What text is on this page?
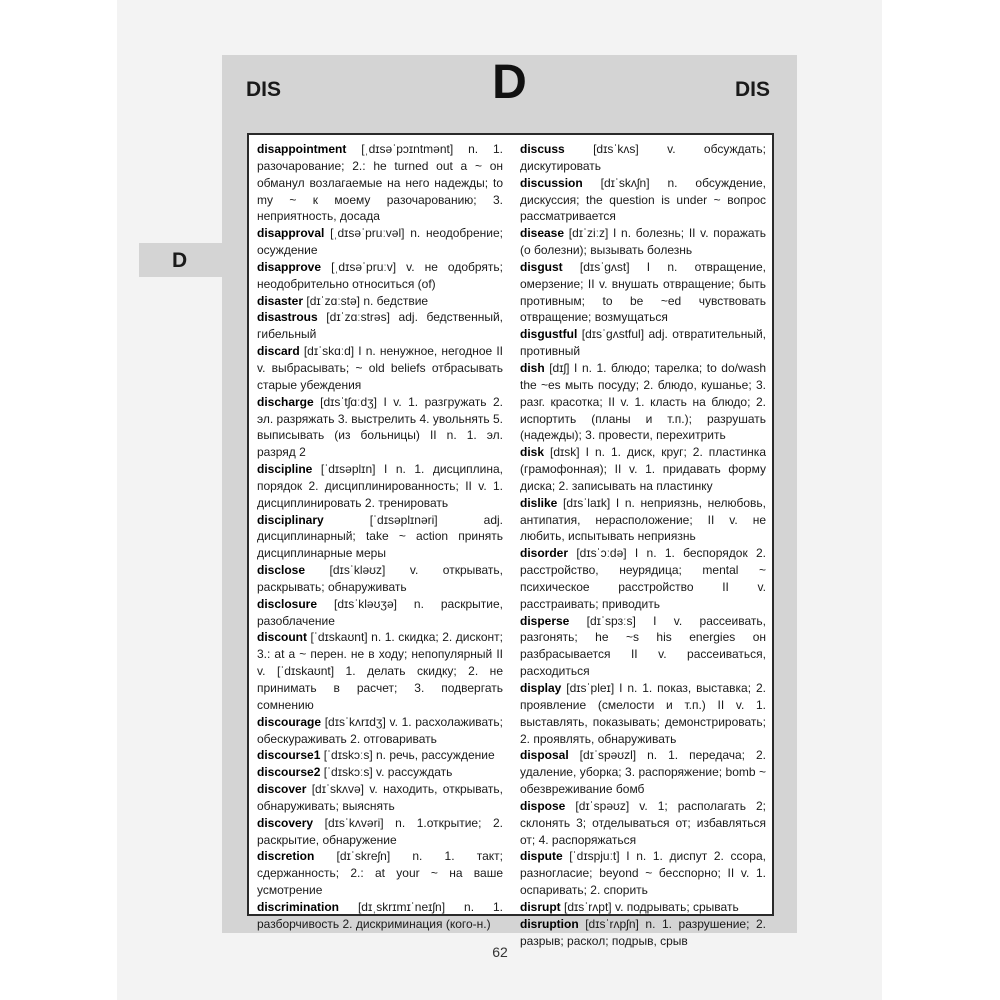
D
DIS	D	DIS

disappointment [ˌdɪsəˈpɔɪntmənt] n. 1. разочарование; 2.: he turned out a ~ он обманул возлагаемые на него надежды; to my ~ к моему разочарованию; 3. неприятность, досада

disapproval [ˌdɪsəˈpruːvəl] n. неодобрение; осуждение

disapprove [ˌdɪsəˈpruːv] v. не одобрять; неодобрительно относиться (of)

disaster [dɪˈzɑːstə] n. бедствие

disastrous [dɪˈzɑːstrəs] adj. бедственный, гибельный

discard [dɪˈskɑːd] I n. ненужное, негодное II v. выбрасывать; ~ old beliefs отбрасывать старые убеждения

discharge [dɪsˈtʃɑːdʒ] I v. 1. разгружать 2. эл. разряжать 3. выстрелить 4. увольнять 5. выписывать (из больницы) II n. 1. эл. разряд 2

discipline [ˈdɪsəplɪn] I n. 1. дисциплина, порядок 2. дисциплинированность; II v. 1. дисциплинировать 2. тренировать

disciplinary [ˈdɪsəplɪnəri] adj. дисциплинарный; take ~ action принять дисциплинарные меры

disclose [dɪsˈkləʊz] v. открывать, раскрывать; обнаруживать

disclosure [dɪsˈkləʊʒə] n. раскрытие, разоблачение

discount [ˈdɪskaʊnt] n. 1. скидка; 2. дисконт; 3.: at a ~ перен. не в ходу; непопулярный II v. [ˈdɪskaʊnt] 1. делать скидку; 2. не принимать в расчет; 3. подвергать сомнению

discourage [dɪsˈkʌrɪdʒ] v. 1. расхолаживать; обескураживать 2. отговаривать

discourse1 [ˈdɪskɔːs] n. речь, рассуждение

discourse2 [ˈdɪskɔːs] v. рассуждать

discover [dɪˈskʌvə] v. находить, открывать, обнаруживать; выяснять

discovery [dɪsˈkʌvəri] n. 1.открытие; 2. раскрытие, обнаружение

discretion [dɪˈskreʃn] n. 1. такт; сдержанность; 2.: at your ~ на ваше усмотрение

discrimination [dɪˌskrɪmɪˈneɪʃn] n. 1. разборчивость 2. дискриминация (кого-н.)

discuss [dɪsˈkʌs] v. обсуждать; дискутировать

discussion [dɪˈskʌʃn] n. обсуждение, дискуссия; the question is under ~ вопрос рассматривается

disease [dɪˈziːz] I n. болезнь; II v. поражать (о болезни); вызывать болезнь

disgust [dɪsˈgʌst] I n. отвращение, омерзение; II v. внушать отвращение; быть противным; to be ~ed чувствовать отвращение; возмущаться

disgustful [dɪsˈgʌstful] adj. отвратительный, противный

dish [dɪʃ] I n. 1. блюдо; тарелка; to do/wash the ~es мыть посуду; 2. блюдо, кушанье; 3. разг. красотка; II v. 1. класть на блюдо; 2. испортить (планы и т.п.); разрушать (надежды); 3. провести, перехитрить

disk [dɪsk] I n. 1. диск, круг; 2. пластинка (грамофонная); II v. 1. придавать форму диска; 2. записывать на пластинку

dislike [dɪsˈlaɪk] I n. неприязнь, нелюбовь, антипатия, нерасположение; II v. не любить, испытывать неприязнь

disorder [dɪsˈɔːdə] I n. 1. беспорядок 2. расстройство, неурядица; mental ~ психическое расстройство II v. расстраивать; приводить

disperse [dɪˈspɜːs] I v. рассеивать, разгонять; he ~s his energies он разбрасывается II v. рассеиваться, расходиться

display [dɪsˈpleɪ] I n. 1. показ, выставка; 2. проявление (смелости и т.п.) II v. 1. выставлять, показывать; демонстрировать; 2. проявлять, обнаруживать

disposal [dɪˈspəʊzl] n. 1. передача; 2. удаление, уборка; 3. распоряжение; bomb ~ обезвреживание бомб

dispose [dɪˈspəʊz] v. 1; располагать 2; склонять 3; отделываться от; избавляться от; 4. распоряжаться

dispute [ˈdɪspjuːt] I n. 1. диспут 2. ссора, разногласие; beyond ~ бесспорно; II v. 1. оспаривать; 2. спорить

disrupt [dɪsˈrʌpt] v. подрывать; срывать

disruption [dɪsˈrʌpʃn] n. 1. разрушение; 2. разрыв; раскол; подрыв, срыв

62
